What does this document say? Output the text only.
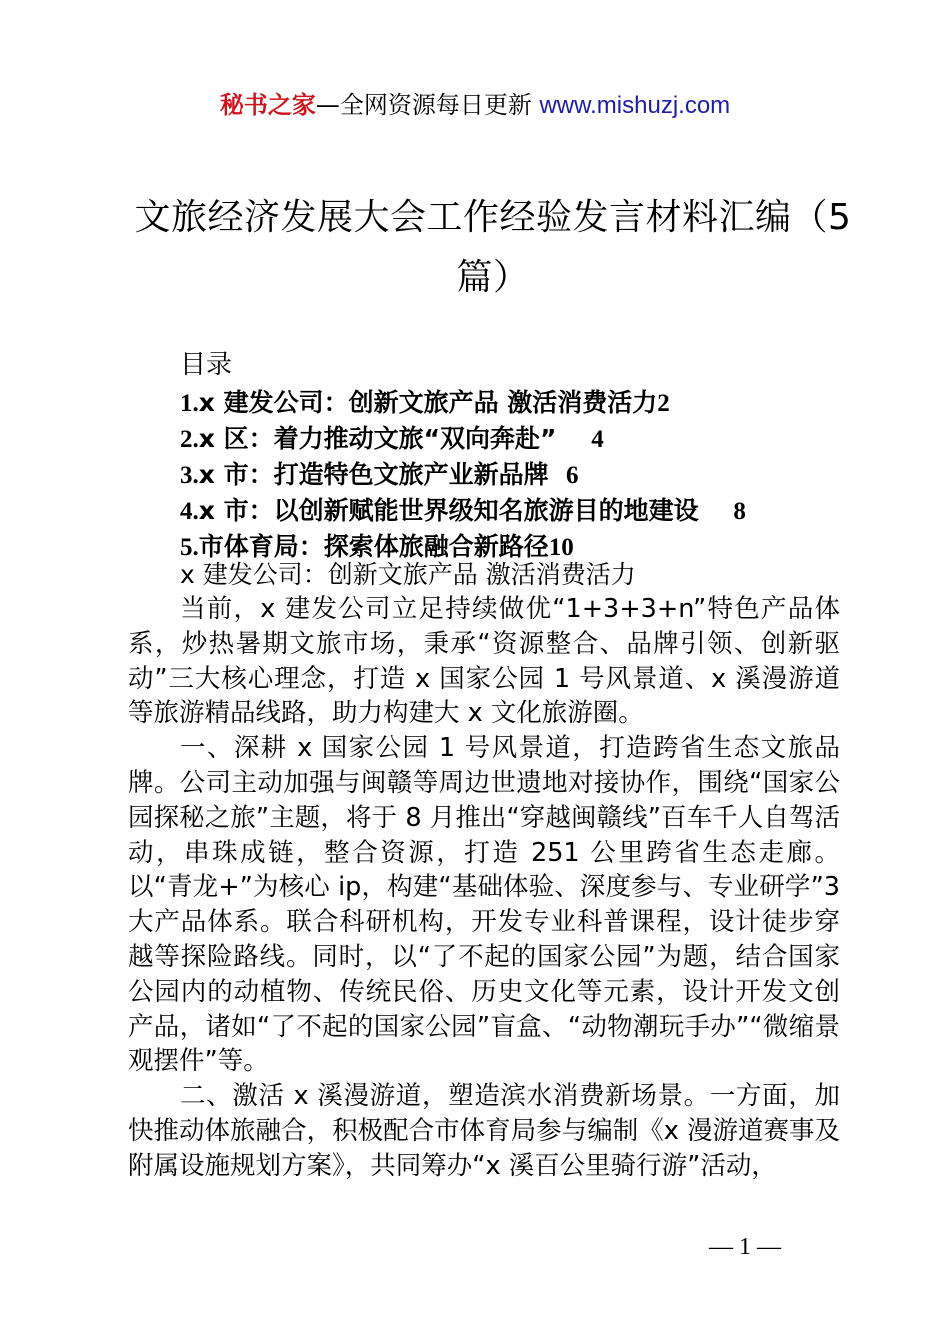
秘书之家—全网资源每日更新 www.mishuzj.com
文旅经济发展大会工作经验发言材料汇编（5篇）
目录
1.x 建发公司：创新文旅产品 激活消费活力2
2.x 区：着力推动文旅“双向奔赴” 4
3.x 市：打造特色文旅产业新品牌 6
4.x 市：以创新赋能世界级知名旅游目的地建设 8
5.市体育局：探索体旅融合新路径10
x 建发公司：创新文旅产品 激活消费活力

当前，x 建发公司立足持续做优“1+3+3+n”特色产品体系，炒热暑期文旅市场，秉承“资源整合、品牌引领、创新驱动”三大核心理念，打造 x 国家公园 1 号风景道、x 溪漫游道等旅游精品线路，助力构建大 x 文化旅游圈。

一、深耕 x 国家公园 1 号风景道，打造跨省生态文旅品牌。公司主动加强与闽赣等周边世遗地对接协作，围绕“国家公园探秘之旅”主题，将于 8 月推出“穿越闽赣线”百车千人自驾活动，串珠成链，整合资源，打造 251 公里跨省生态走廊。以“青龙+”为核心 ip，构建“基础体验、深度参与、专业研学”3 大产品体系。联合科研机构，开发专业科普课程，设计徒步穿越等探险路线。同时，以“了不起的国家公园”为题，结合国家公园内的动植物、传统民俗、历史文化等元素，设计开发文创产品，诸如“了不起的国家公园”盲盒、“动物潮玩手办”“微缩景观摆件”等。

二、激活 x 溪漫游道，塑造滨水消费新场景。一方面，加快推动体旅融合，积极配合市体育局参与编制《x 漫游道赛事及附属设施规划方案》，共同筹办“x 溪百公里骑行游”活动，

— 1 —
